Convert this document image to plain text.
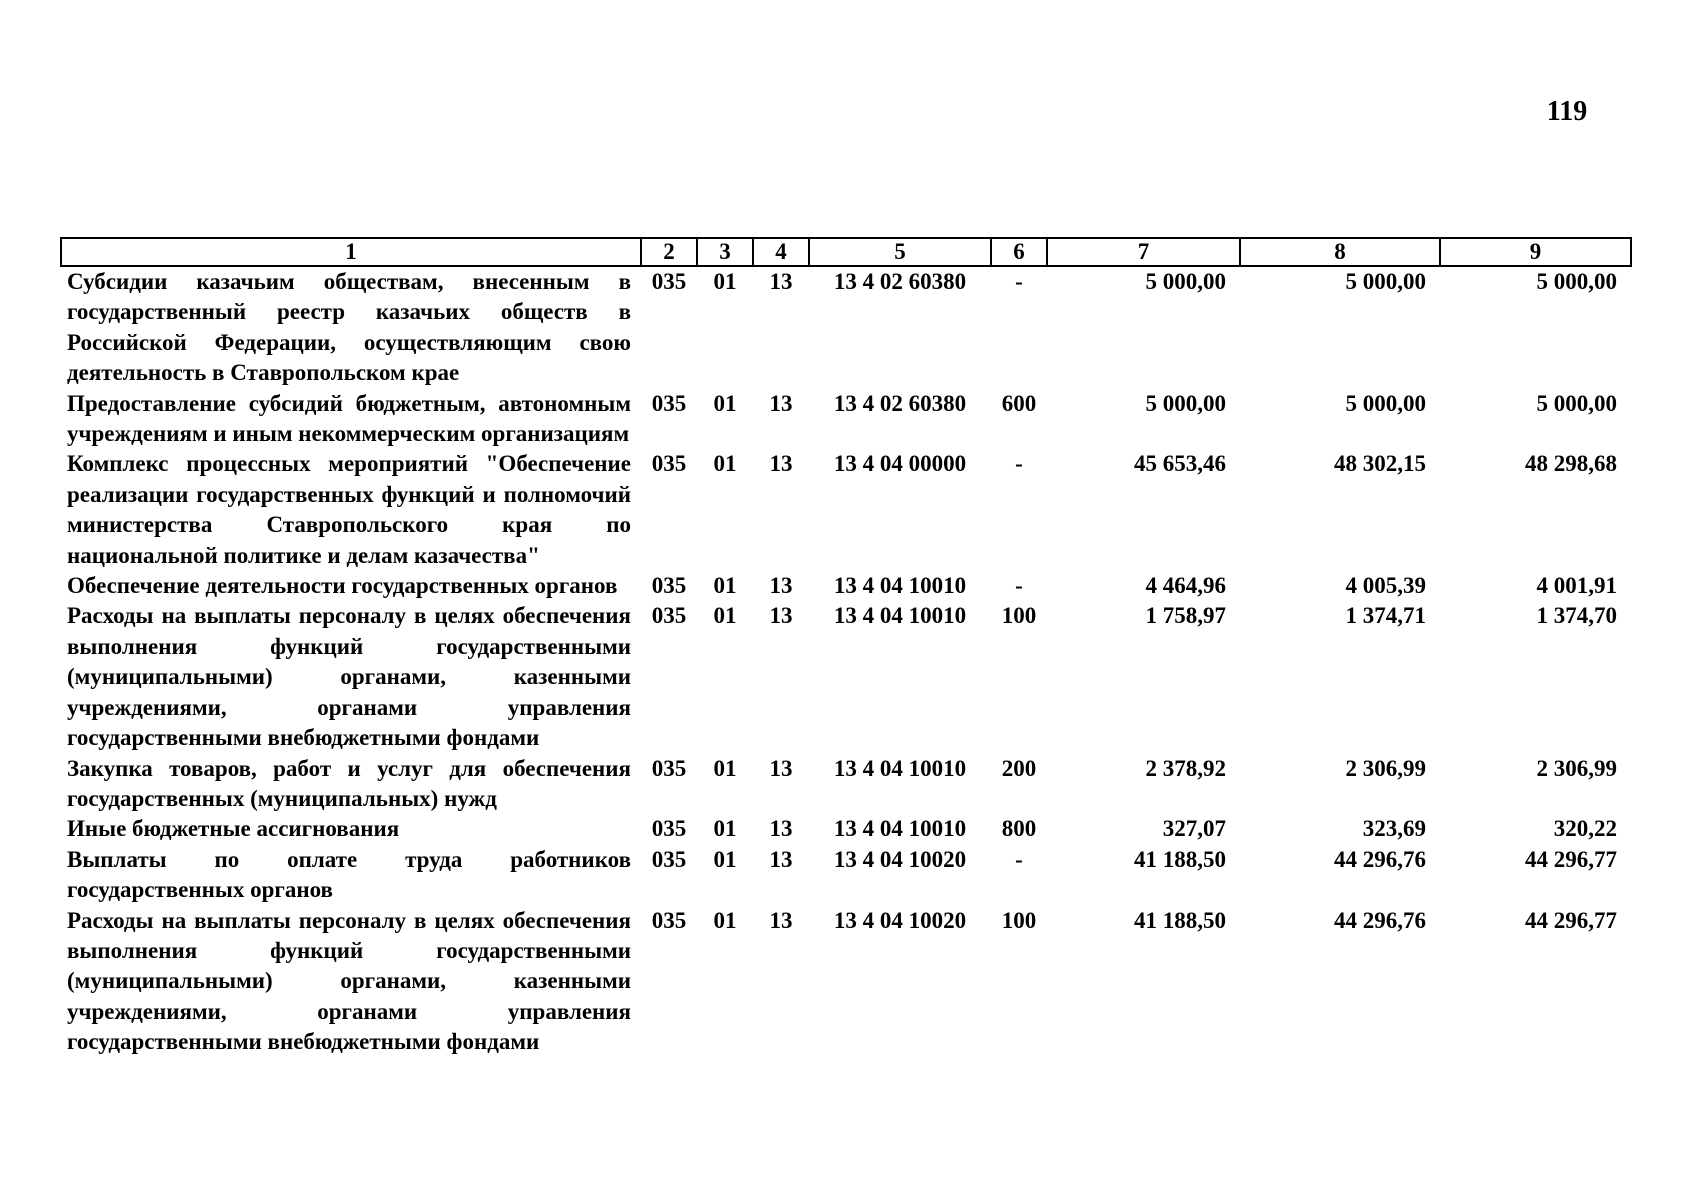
119
1	2	3	4	5	6	7	8	9
Субсидии казачьим обществам, внесенным в государственный реестр казачьих обществ в Российской Федерации, осуществляющим свою деятельность в Ставропольском крае	035	01	13	13 4 02 60380	-	5 000,00	5 000,00	5 000,00
Предоставление субсидий бюджетным, автономным учреждениям и иным некоммерческим организациям	035	01	13	13 4 02 60380	600	5 000,00	5 000,00	5 000,00
Комплекс процессных мероприятий "Обеспечение реализации государственных функций и полномочий министерства Ставропольского края по национальной политике и делам казачества"	035	01	13	13 4 04 00000	-	45 653,46	48 302,15	48 298,68
Обеспечение деятельности государственных органов	035	01	13	13 4 04 10010	-	4 464,96	4 005,39	4 001,91
Расходы на выплаты персоналу в целях обеспечения выполнения функций государственными (муниципальными) органами, казенными учреждениями, органами управления государственными внебюджетными фондами	035	01	13	13 4 04 10010	100	1 758,97	1 374,71	1 374,70
Закупка товаров, работ и услуг для обеспечения государственных (муниципальных) нужд	035	01	13	13 4 04 10010	200	2 378,92	2 306,99	2 306,99
Иные бюджетные ассигнования	035	01	13	13 4 04 10010	800	327,07	323,69	320,22
Выплаты по оплате труда работников государственных органов	035	01	13	13 4 04 10020	-	41 188,50	44 296,76	44 296,77
Расходы на выплаты персоналу в целях обеспечения выполнения функций государственными (муниципальными) органами, казенными учреждениями, органами управления государственными внебюджетными фондами	035	01	13	13 4 04 10020	100	41 188,50	44 296,76	44 296,77
